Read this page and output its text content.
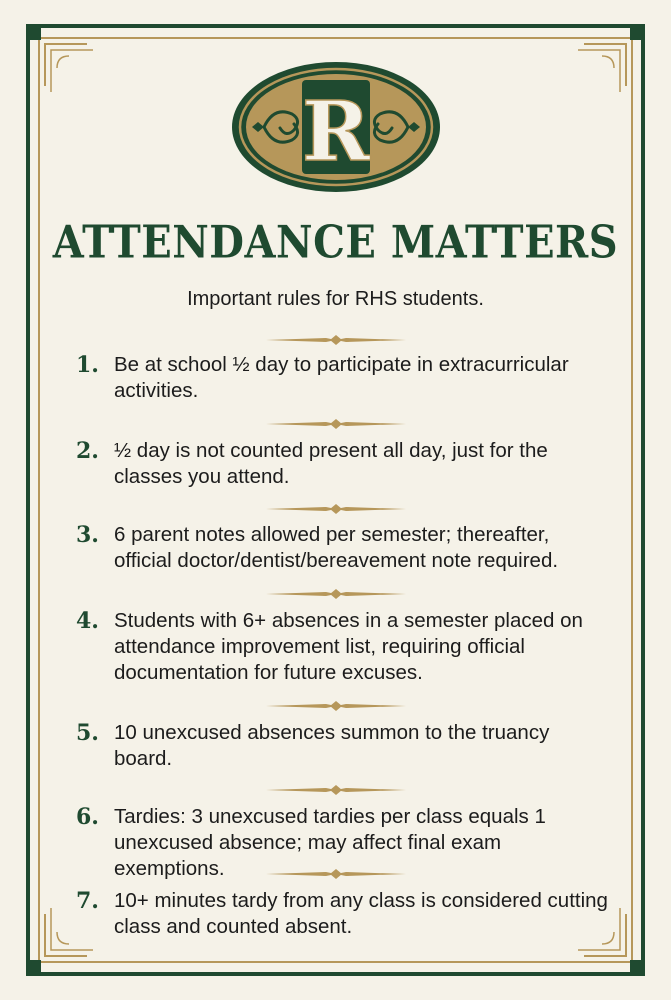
R
ATTENDANCE MATTERS
Important rules for RHS students.
1. Be at school ½ day to participate in extracurricular activities.
2. ½ day is not counted present all day, just for the classes you attend.
3. 6 parent notes allowed per semester; thereafter, official doctor/dentist/bereavement note required.
4. Students with 6+ absences in a semester placed on attendance improvement list, requiring official documentation for future excuses.
5. 10 unexcused absences summon to the truancy board.
6. Tardies: 3 unexcused tardies per class equals 1 unexcused absence; may affect final exam exemptions.
7. 10+ minutes tardy from any class is considered cutting class and counted absent.
